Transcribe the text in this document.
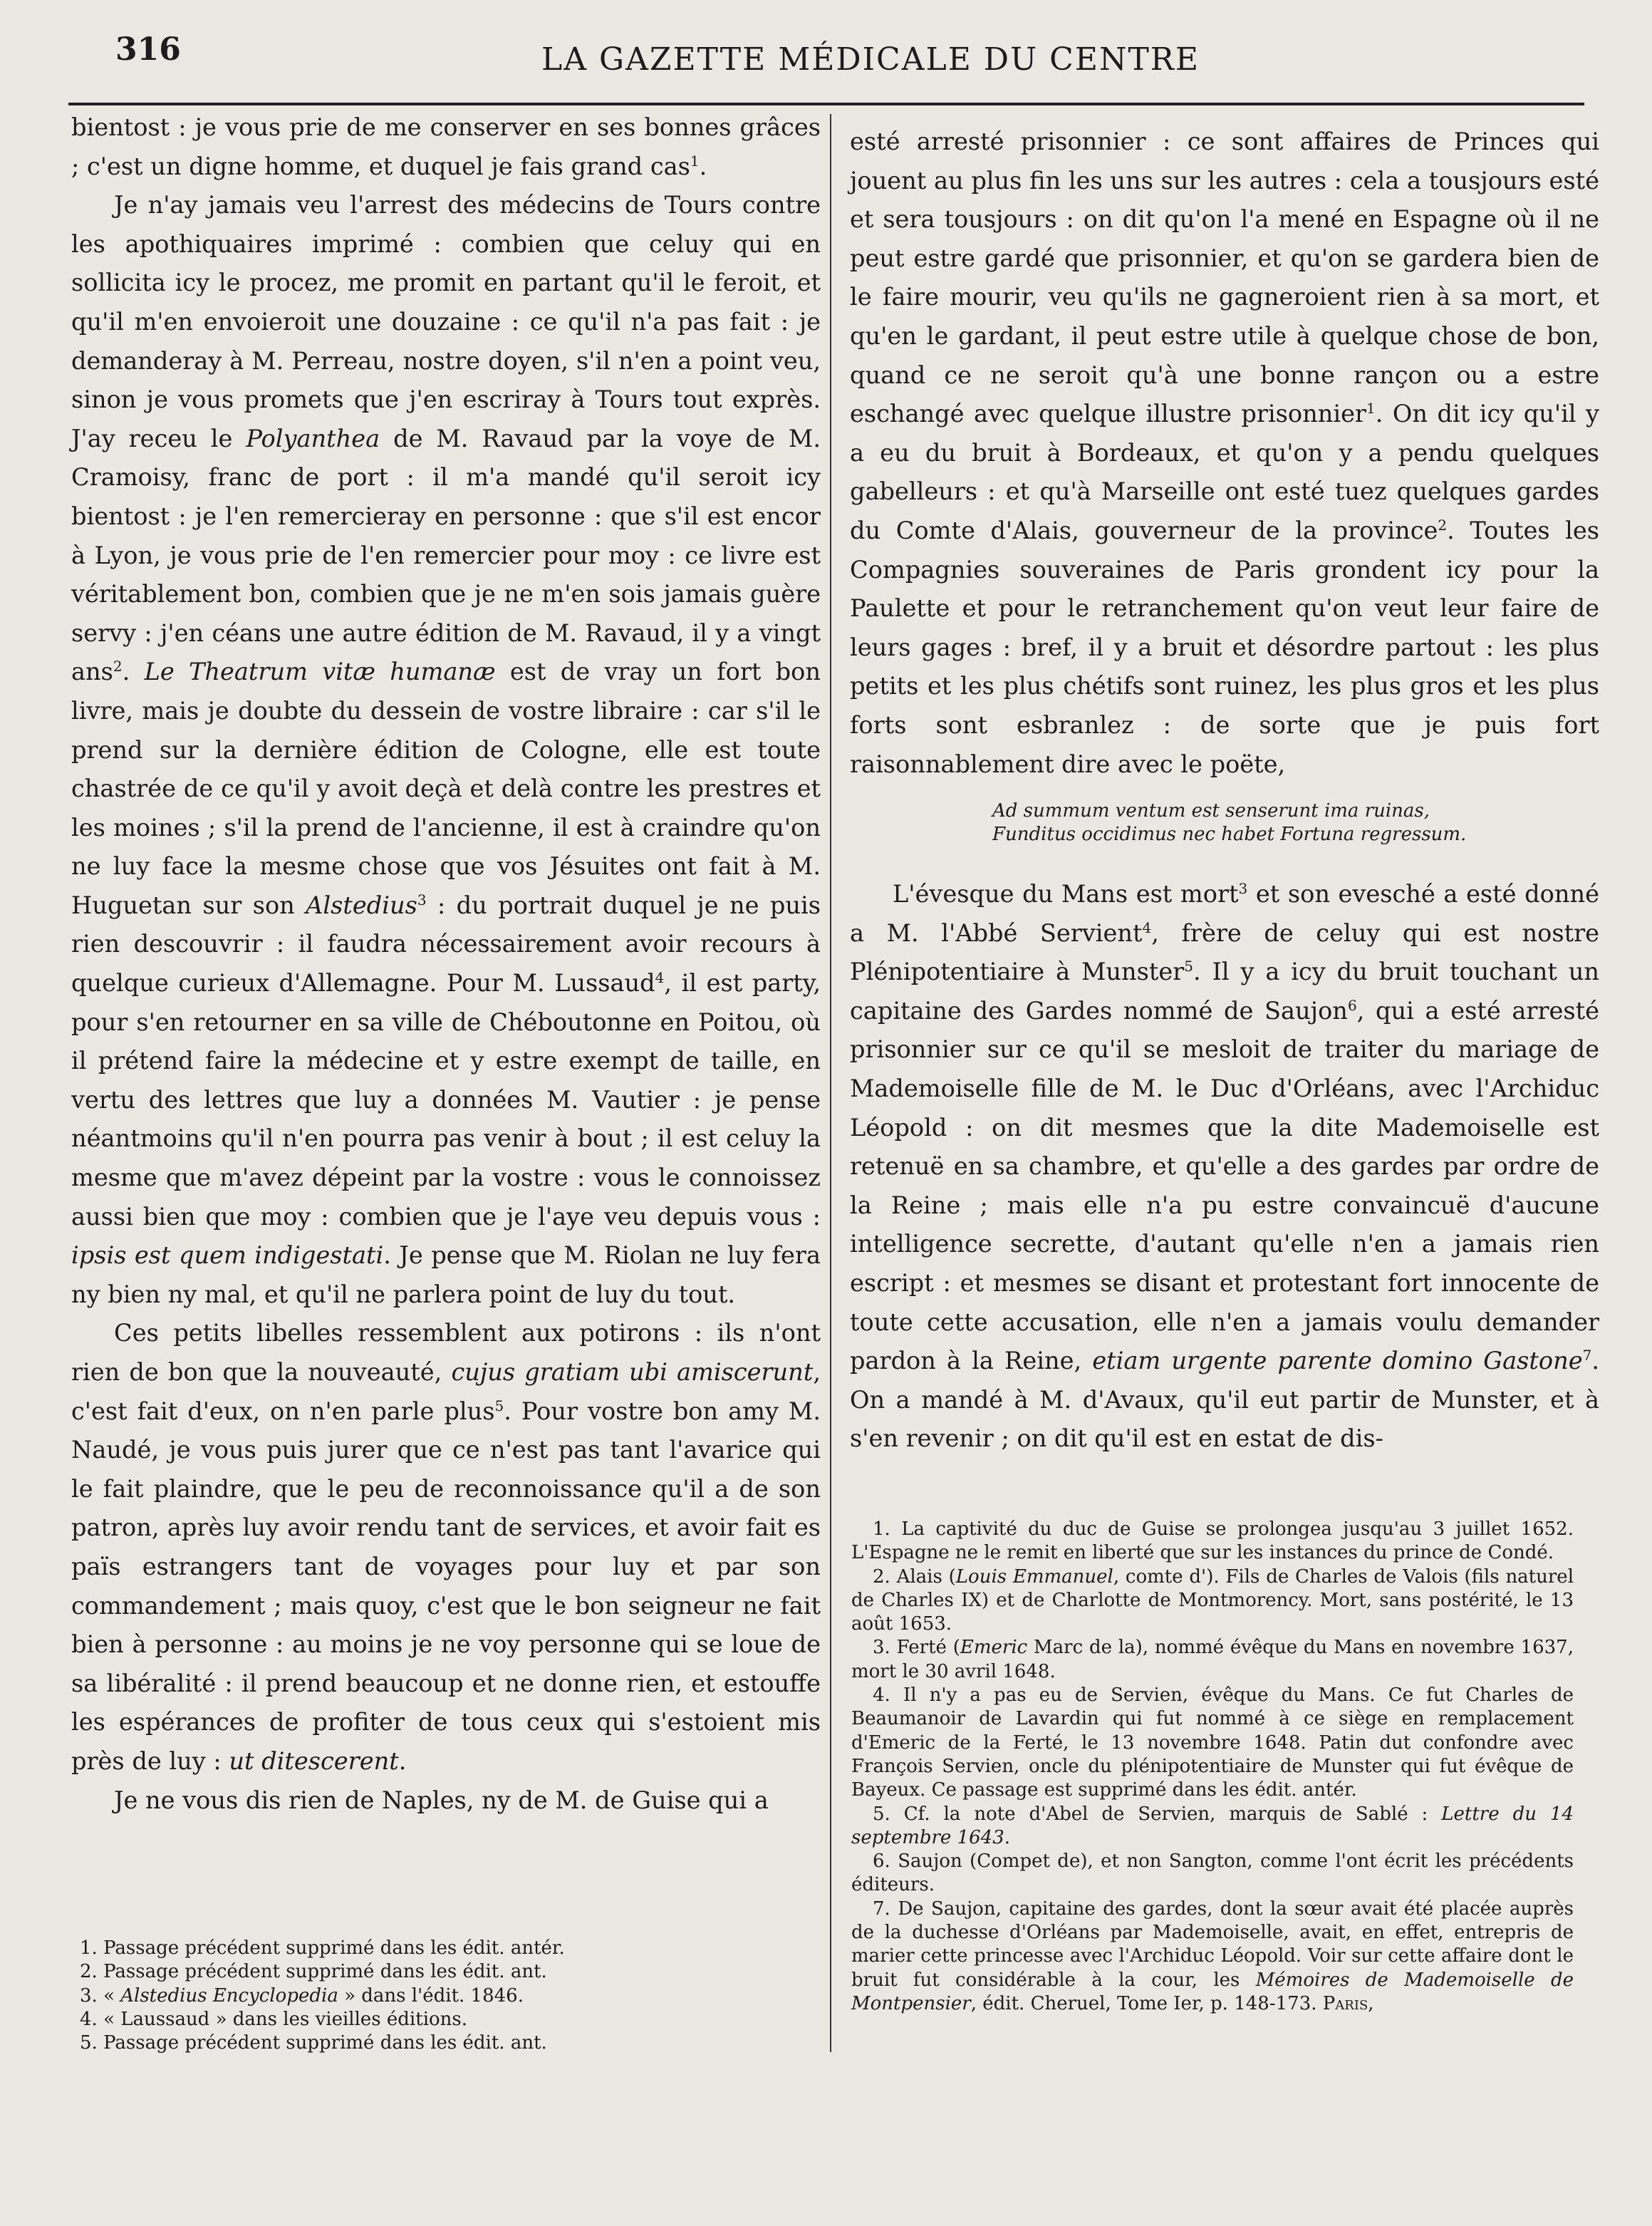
316	LA GAZETTE MÉDICALE DU CENTRE

bientost : je vous prie de me conserver en ses bonnes grâces ; c'est un digne homme, et duquel je fais grand cas$^1$.

Je n'ay jamais veu l'arrest des médecins de Tours contre les apothiquaires imprimé : combien que celuy qui en sollicita icy le procez, me promit en partant qu'il le feroit, et qu'il m'en envoieroit une douzaine : ce qu'il n'a pas fait : je demanderay à M. Perreau, nostre doyen, s'il n'en a point veu, sinon je vous promets que j'en escriray à Tours tout exprès. J'ay receu le Polyanthea de M. Ravaud par la voye de M. Cramoisy, franc de port : il m'a mandé qu'il seroit icy bientost : je l'en remercieray en personne : que s'il est encor à Lyon, je vous prie de l'en remercier pour moy : ce livre est véritablement bon, combien que je ne m'en sois jamais guère servy : j'en céans une autre édition de M. Ravaud, il y a vingt ans$^2$. Le Theatrum vitæ humanæ est de vray un fort bon livre, mais je doubte du dessein de vostre libraire : car s'il le prend sur la dernière édition de Cologne, elle est toute chastrée de ce qu'il y avoit deçà et delà contre les prestres et les moines ; s'il la prend de l'ancienne, il est à craindre qu'on ne luy face la mesme chose que vos Jésuites ont fait à M. Huguetan sur son Alstedius$^3$ : du portrait duquel je ne puis rien descouvrir : il faudra nécessairement avoir recours à quelque curieux d'Allemagne. Pour M. Lussaud$^4$, il est party, pour s'en retourner en sa ville de Chéboutonne en Poitou, où il prétend faire la médecine et y estre exempt de taille, en vertu des lettres que luy a données M. Vautier : je pense néantmoins qu'il n'en pourra pas venir à bout ; il est celuy la mesme que m'avez dépeint par la vostre : vous le connoissez aussi bien que moy : combien que je l'aye veu depuis vous : ipsis est quem indigestati. Je pense que M. Riolan ne luy fera ny bien ny mal, et qu'il ne parlera point de luy du tout.

Ces petits libelles ressemblent aux potirons : ils n'ont rien de bon que la nouveauté, cujus gratiam ubi amiscerunt, c'est fait d'eux, on n'en parle plus$^5$. Pour vostre bon amy M. Naudé, je vous puis jurer que ce n'est pas tant l'avarice qui le fait plaindre, que le peu de reconnoissance qu'il a de son patron, après luy avoir rendu tant de services, et avoir fait es païs estrangers tant de voyages pour luy et par son commandement ; mais quoy, c'est que le bon seigneur ne fait bien à personne : au moins je ne voy personne qui se loue de sa libéralité : il prend beaucoup et ne donne rien, et estouffe les espérances de profiter de tous ceux qui s'estoient mis près de luy : ut ditescerent.

Je ne vous dis rien de Naples, ny de M. de Guise qui a

1. Passage précédent supprimé dans les édit. antér.

2. Passage précédent supprimé dans les édit. ant.

3. « Alstedius Encyclopedia » dans l'édit. 1846.

4. « Laussaud » dans les vieilles éditions.

5. Passage précédent supprimé dans les édit. ant.

esté arresté prisonnier : ce sont affaires de Princes qui jouent au plus fin les uns sur les autres : cela a tousjours esté et sera tousjours : on dit qu'on l'a mené en Espagne où il ne peut estre gardé que prisonnier, et qu'on se gardera bien de le faire mourir, veu qu'ils ne gagneroient rien à sa mort, et qu'en le gardant, il peut estre utile à quelque chose de bon, quand ce ne seroit qu'à une bonne rançon ou a estre eschangé avec quelque illustre prisonnier$^1$. On dit icy qu'il y a eu du bruit à Bordeaux, et qu'on y a pendu quelques gabelleurs : et qu'à Marseille ont esté tuez quelques gardes du Comte d'Alais, gouverneur de la province$^2$. Toutes les Compagnies souveraines de Paris grondent icy pour la Paulette et pour le retranchement qu'on veut leur faire de leurs gages : bref, il y a bruit et désordre partout : les plus petits et les plus chétifs sont ruinez, les plus gros et les plus forts sont esbranlez : de sorte que je puis fort raisonnablement dire avec le poëte,

Ad summum ventum est senserunt ima ruinas,
Funditus occidimus nec habet Fortuna regressum.

L'évesque du Mans est mort$^3$ et son evesché a esté donné a M. l'Abbé Servient$^4$, frère de celuy qui est nostre Plénipotentiaire à Munster$^5$. Il y a icy du bruit touchant un capitaine des Gardes nommé de Saujon$^6$, qui a esté arresté prisonnier sur ce qu'il se mesloit de traiter du mariage de Mademoiselle fille de M. le Duc d'Orléans, avec l'Archiduc Léopold : on dit mesmes que la dite Mademoiselle est retenuë en sa chambre, et qu'elle a des gardes par ordre de la Reine ; mais elle n'a pu estre convaincuë d'aucune intelligence secrette, d'autant qu'elle n'en a jamais rien escript : et mesmes se disant et protestant fort innocente de toute cette accusation, elle n'en a jamais voulu demander pardon à la Reine, etiam urgente parente domino Gastone$^7$. On a mandé à M. d'Avaux, qu'il eut partir de Munster, et à s'en revenir ; on dit qu'il est en estat de dis-

1. La captivité du duc de Guise se prolongea jusqu'au 3 juillet 1652. L'Espagne ne le remit en liberté que sur les instances du prince de Condé.

2. Alais (Louis Emmanuel, comte d'). Fils de Charles de Valois (fils naturel de Charles IX) et de Charlotte de Montmorency. Mort, sans postérité, le 13 août 1653.

3. Ferté (Emeric Marc de la), nommé évêque du Mans en novembre 1637, mort le 30 avril 1648.

4. Il n'y a pas eu de Servien, évêque du Mans. Ce fut Charles de Beaumanoir de Lavardin qui fut nommé à ce siège en remplacement d'Emeric de la Ferté, le 13 novembre 1648. Patin dut confondre avec François Servien, oncle du plénipotentiaire de Munster qui fut évêque de Bayeux. Ce passage est supprimé dans les édit. antér.

5. Cf. la note d'Abel de Servien, marquis de Sablé : Lettre du 14 septembre 1643.

6. Saujon (Compet de), et non Sangton, comme l'ont écrit les précédents éditeurs.

7. De Saujon, capitaine des gardes, dont la sœur avait été placée auprès de la duchesse d'Orléans par Mademoiselle, avait, en effet, entrepris de marier cette princesse avec l'Archiduc Léopold. Voir sur cette affaire dont le bruit fut considérable à la cour, les Mémoires de Mademoiselle de Montpensier, édit. Cheruel, Tome Ier, p. 148-173. Paris,
